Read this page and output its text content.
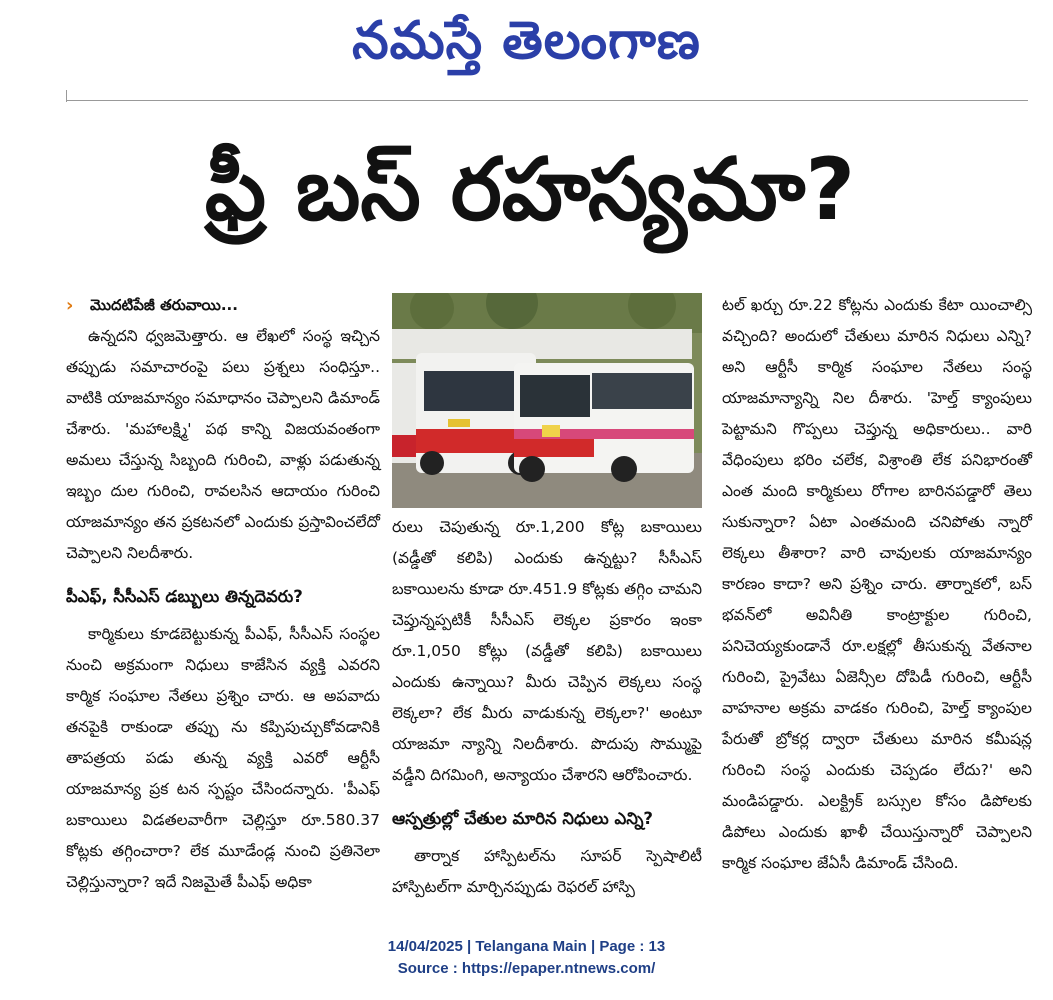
నమస్తే తెలంగాణ
ఫ్రీ బస్ రహస్యమా?
›	మొదటిపేజీ తరువాయి...

ఉన్నదని ధ్వజమెత్తారు. ఆ లేఖలో సంస్థ ఇచ్చిన తప్పుడు సమాచారంపై పలు ప్రశ్నలు సంధిస్తూ.. వాటికి యాజమాన్యం సమాధానం చెప్పాలని డిమాండ్ చేశారు. 'మహాలక్ష్మి' పథ కాన్ని విజయవంతంగా అమలు చేస్తున్న సిబ్బంది గురించి, వాళ్లు పడుతున్న ఇబ్బం దుల గురించి, రావలసిన ఆదాయం గురించి యాజమాన్యం తన ప్రకటనలో ఎందుకు ప్రస్తావించలేదో చెప్పాలని నిలదీశారు.

పీఎఫ్, సీసీఎస్ డబ్బులు తిన్నదెవరు?

కార్మికులు కూడబెట్టుకున్న పీఎఫ్, సీసీఎస్ సంస్థల నుంచి అక్రమంగా నిధులు కాజేసిన వ్యక్తి ఎవరని కార్మిక సంఘాల నేతలు ప్రశ్నిం చారు. ఆ అపవాదు తనపైకి రాకుండా తప్పు ను కప్పిపుచ్చుకోవడానికి తాపత్రయ పడు తున్న వ్యక్తి ఎవరో ఆర్టీసీ యాజమాన్య ప్రక టన స్పష్టం చేసిందన్నారు. 'పీఎఫ్ బకాయిలు విడతలవారీగా చెల్లిస్తూ రూ.580.37 కోట్లకు తగ్గించారా? లేక మూడేండ్ల నుంచి ప్రతినెలా చెల్లిస్తున్నారా? ఇదే నిజమైతే పీఎఫ్ అధికా

రులు చెపుతున్న రూ.1,200 కోట్ల బకాయిలు (వడ్డీతో కలిపి) ఎందుకు ఉన్నట్టు? సీసీఎస్ బకాయిలను కూడా రూ.451.9 కోట్లకు తగ్గిం చామని చెప్తున్నప్పటికీ సీసీఎస్ లెక్కల ప్రకారం ఇంకా రూ.1,050 కోట్లు (వడ్డీతో కలిపి) బకాయిలు ఎందుకు ఉన్నాయి? మీరు చెప్పిన లెక్కలు సంస్థ లెక్కలా? లేక మీరు వాడుకున్న లెక్కలా?' అంటూ యాజమా న్యాన్ని నిలదీశారు. పొదుపు సొమ్ముపై వడ్డీని దిగమింగి, అన్యాయం చేశారని ఆరోపించారు.

ఆస్పత్రుల్లో చేతుల మారిన నిధులు ఎన్ని?

తార్నాక హాస్పిటల్‌ను సూపర్ స్పెషాలిటీ హాస్పిటల్‌గా మార్చినప్పుడు రెఫరల్ హాస్పి

టల్ ఖర్చు రూ.22 కోట్లను ఎందుకు కేటా యించాల్సి వచ్చింది? అందులో చేతులు మారిన నిధులు ఎన్ని? అని ఆర్టీసీ కార్మిక సంఘాల నేతలు సంస్థ యాజమాన్యాన్ని నిల దీశారు. 'హెల్త్ క్యాంపులు పెట్టామని గొప్పలు చెప్తున్న అధికారులు.. వారి వేధింపులు భరిం చలేక, విశ్రాంతి లేక పనిభారంతో ఎంత మంది కార్మికులు రోగాల బారినపడ్డారో తెలు సుకున్నారా? ఏటా ఎంతమంది చనిపోతు న్నారో లెక్కలు తీశారా? వారి చావులకు యాజమాన్యం కారణం కాదా? అని ప్రశ్నిం చారు. తార్నాకలో, బస్ భవన్‌లో అవినీతి కాంట్రాక్టుల గురించి, పనిచెయ్యకుండానే రూ.లక్షల్లో తీసుకున్న వేతనాల గురించి, ప్రైవేటు ఏజెన్సీల దోపిడీ గురించి, ఆర్టీసీ వాహనాల అక్రమ వాడకం గురించి, హెల్త్ క్యాంపుల పేరుతో బ్రోకర్ల ద్వారా చేతులు మారిన కమీషన్ల గురించి సంస్థ ఎందుకు చెప్పడం లేదు?' అని మండిపడ్డారు. ఎలక్ట్రిక్ బస్సుల కోసం డిపోలకు డిపోలు ఎందుకు ఖాళీ చేయిస్తున్నారో చెప్పాలని కార్మిక సంఘాల జేఏసీ డిమాండ్ చేసింది.

14/04/2025 | Telangana Main | Page : 13
Source : https://epaper.ntnews.com/
